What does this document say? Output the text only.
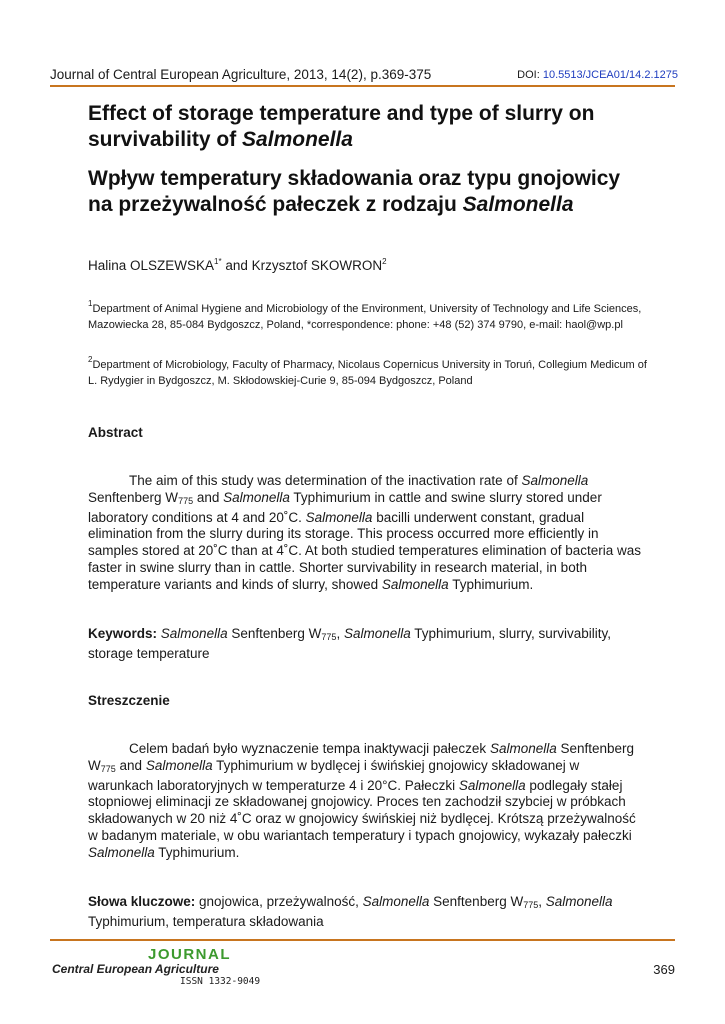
Journal of Central European Agriculture, 2013, 14(2), p.369-375	DOI: 10.5513/JCEA01/14.2.1275
Effect of storage temperature and type of slurry on survivability of Salmonella
Wpływ temperatury składowania oraz typu gnojowicy na przeżywalność pałeczek z rodzaju Salmonella
Halina $OLSZEWSKA^{1*}$ and Krzysztof SKOWRON$^2$
$^1$Department of Animal Hygiene and Microbiology of the Environment, University of Technology and Life Sciences, Mazowiecka 28, 85-084 Bydgoszcz, Poland, *correspondence: phone: +48 (52) 374 9790, e-mail: haol@wp.pl
$^2$Department of Microbiology, Faculty of Pharmacy, Nicolaus Copernicus University in Toruń, Collegium Medicum of L. Rydygier in Bydgoszcz, M. Skłodowskiej-Curie 9, 85-094 Bydgoszcz, Poland
Abstract
The aim of this study was determination of the inactivation rate of Salmonella Senftenberg $W_{775}$ and Salmonella Typhimurium in cattle and swine slurry stored under laboratory conditions at 4 and 20˚C. Salmonella bacilli underwent constant, gradual elimination from the slurry during its storage. This process occurred more efficiently in samples stored at 20˚C than at 4˚C. At both studied temperatures elimination of bacteria was faster in swine slurry than in cattle. Shorter survivability in research material, in both temperature variants and kinds of slurry, showed Salmonella Typhimurium.
Keywords: Salmonella Senftenberg $W_{775}$, Salmonella Typhimurium, slurry, survivability, storage temperature
Streszczenie
Celem badań było wyznaczenie tempa inaktywacji pałeczek Salmonella Senftenberg $W_{775}$ and Salmonella Typhimurium w bydlęcej i świńskiej gnojowicy składowanej w warunkach laboratoryjnych w temperaturze 4 i 20°C. Pałeczki Salmonella podlegały stałej stopniowej eliminacji ze składowanej gnojowicy. Proces ten zachodził szybciej w próbkach składowanych w 20 niż 4˚C oraz w gnojowicy świńskiej niż bydlęcej. Krótszą przeżywalność w badanym materiale, w obu wariantach temperatury i typach gnojowicy, wykazały pałeczki Salmonella Typhimurium.
Słowa kluczowe: gnojowica, przeżywalność, Salmonella Senftenberg $W_{775}$, Salmonella Typhimurium, temperatura składowania
JOURNAL
Central European Agriculture
ISSN 1332-9049
369
